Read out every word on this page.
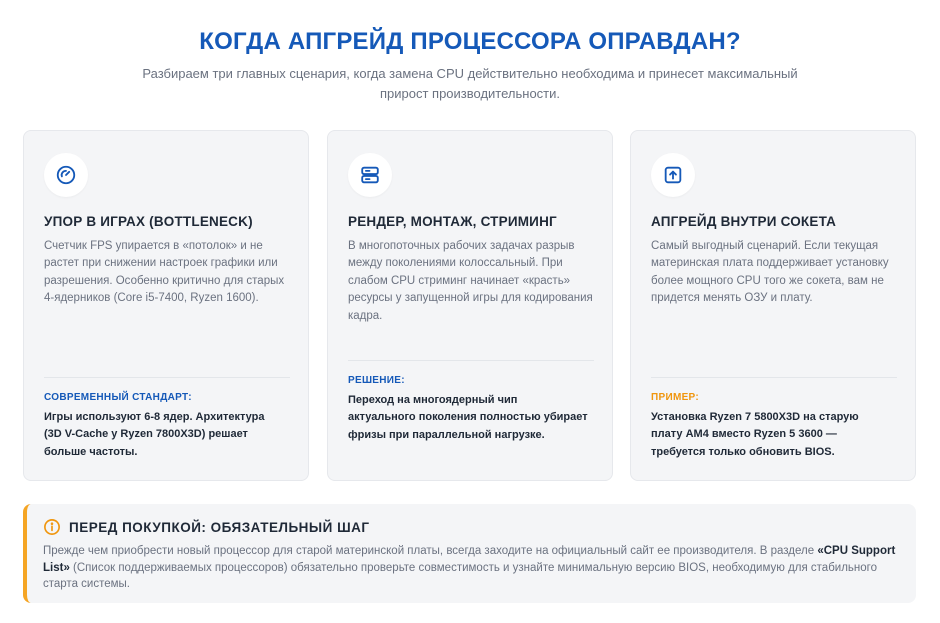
КОГДА АПГРЕЙД ПРОЦЕССОРА ОПРАВДАН?

Разбираем три главных сценария, когда замена CPU действительно необходима и принесет максимальный прирост производительности.

УПОР В ИГРАХ (BOTTLENECK)
Счетчик FPS упирается в «потолок» и не растет при снижении настроек графики или разрешения. Особенно критично для старых 4-ядерников (Core i5-7400, Ryzen 1600).
СОВРЕМЕННЫЙ СТАНДАРТ:
Игры используют 6-8 ядер. Архитектура (3D V-Cache у Ryzen 7800X3D) решает больше частоты.
РЕНДЕР, МОНТАЖ, СТРИМИНГ
В многопоточных рабочих задачах разрыв между поколениями колоссальный. При слабом CPU стриминг начинает «красть» ресурсы у запущенной игры для кодирования кадра.
РЕШЕНИЕ:
Переход на многоядерный чип актуального поколения полностью убирает фризы при параллельной нагрузке.
АПГРЕЙД ВНУТРИ СОКЕТА
Самый выгодный сценарий. Если текущая материнская плата поддерживает установку более мощного CPU того же сокета, вам не придется менять ОЗУ и плату.
ПРИМЕР:
Установка Ryzen 7 5800X3D на старую плату AM4 вместо Ryzen 5 3600 — требуется только обновить BIOS.
ПЕРЕД ПОКУПКОЙ: ОБЯЗАТЕЛЬНЫЙ ШАГ

Прежде чем приобрести новый процессор для старой материнской платы, всегда заходите на официальный сайт ее производителя. В разделе «CPU Support List» (Список поддерживаемых процессоров) обязательно проверьте совместимость и узнайте минимальную версию BIOS, необходимую для стабильного старта системы.
